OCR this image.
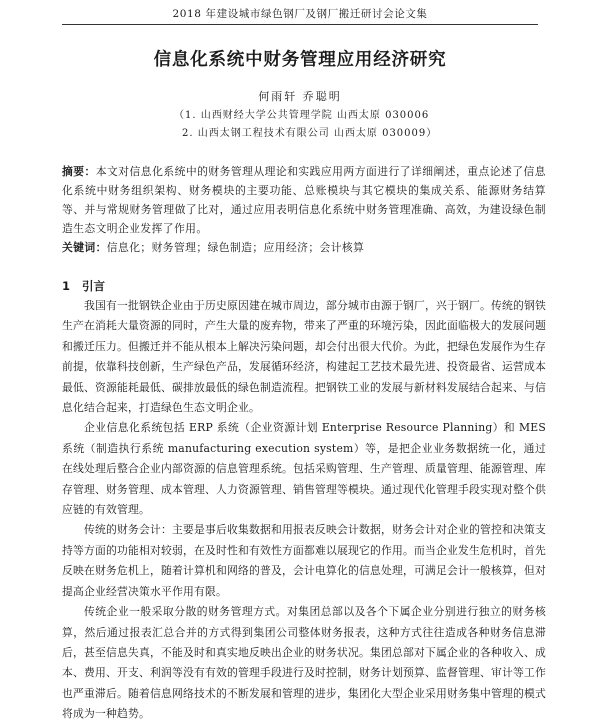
2018 年建设城市绿色钢厂及钢厂搬迁研讨会论文集
信息化系统中财务管理应用经济研究
何雨轩 乔聪明
（1. 山西财经大学公共管理学院 山西太原 030006
2. 山西太钢工程技术有限公司 山西太原 030009）
摘要：本文对信息化系统中的财务管理从理论和实践应用两方面进行了详细阐述，重点论述了信息化系统中财务组织架构、财务模块的主要功能、总账模块与其它模块的集成关系、能源财务结算等、并与常规财务管理做了比对，通过应用表明信息化系统中财务管理准确、高效，为建设绿色制造生态文明企业发挥了作用。
关键词：信息化；财务管理；绿色制造；应用经济；会计核算
1 引言

我国有一批钢铁企业由于历史原因建在城市周边，部分城市由源于钢厂，兴于钢厂。传统的钢铁生产在消耗大量资源的同时，产生大量的废弃物，带来了严重的环境污染，因此面临极大的发展问题和搬迁压力。但搬迁并不能从根本上解决污染问题，却会付出很大代价。为此，把绿色发展作为生存前提，依靠科技创新，生产绿色产品，发展循环经济，构建起工艺技术最先进、投资最省、运营成本最低、资源能耗最低、碳排放最低的绿色制造流程。把钢铁工业的发展与新材料发展结合起来、与信息化结合起来，打造绿色生态文明企业。

企业信息化系统包括 ERP 系统（企业资源计划 Enterprise Resource Planning）和 MES 系统（制造执行系统 manufacturing execution system）等，是把企业业务数据统一化，通过在线处理后整合企业内部资源的信息管理系统。包括采购管理、生产管理、质量管理、能源管理、库存管理、财务管理、成本管理、人力资源管理、销售管理等模块。通过现代化管理手段实现对整个供应链的有效管理。

传统的财务会计：主要是事后收集数据和用报表反映会计数据，财务会计对企业的管控和决策支持等方面的功能相对较弱，在及时性和有效性方面都难以展现它的作用。而当企业发生危机时，首先反映在财务危机上，随着计算机和网络的普及，会计电算化的信息处理，可满足会计一般核算，但对提高企业经营决策水平作用有限。

传统企业一般采取分散的财务管理方式。对集团总部以及各个下属企业分别进行独立的财务核算，然后通过报表汇总合并的方式得到集团公司整体财务报表，这种方式往往造成各种财务信息滞后，甚至信息失真，不能及时和真实地反映出企业的财务状况。集团总部对下属企业的各种收入、成本、费用、开支、利润等没有有效的管理手段进行及时控制，财务计划预算、监督管理、审计等工作也严重滞后。随着信息网络技术的不断发展和管理的进步，集团化大型企业采用财务集中管理的模式将成为一种趋势。
